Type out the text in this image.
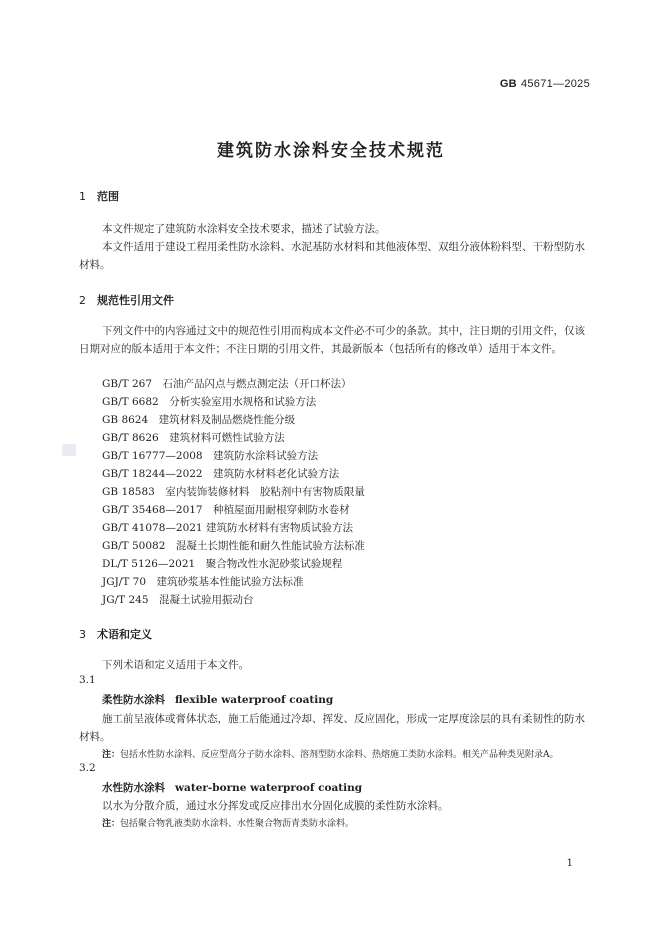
GB 45671—2025
建筑防水涂料安全技术规范
1 范围
本文件规定了建筑防水涂料安全技术要求，描述了试验方法。
本文件适用于建设工程用柔性防水涂料、水泥基防水材料和其他液体型、双组分液体粉料型、干粉型防水材料。
2 规范性引用文件
下列文件中的内容通过文中的规范性引用而构成本文件必不可少的条款。其中，注日期的引用文件，仅该日期对应的版本适用于本文件；不注日期的引用文件，其最新版本（包括所有的修改单）适用于本文件。
GB/T 267　石油产品闪点与燃点测定法（开口杯法）
GB/T 6682　分析实验室用水规格和试验方法
GB 8624　建筑材料及制品燃烧性能分级
GB/T 8626　建筑材料可燃性试验方法
GB/T 16777—2008　建筑防水涂料试验方法
GB/T 18244—2022　建筑防水材料老化试验方法
GB 18583　室内装饰装修材料　胶粘剂中有害物质限量
GB/T 35468—2017　种植屋面用耐根穿刺防水卷材
GB/T 41078—2021 建筑防水材料有害物质试验方法
GB/T 50082　混凝土长期性能和耐久性能试验方法标准
DL/T 5126—2021　聚合物改性水泥砂浆试验规程
JGJ/T 70　建筑砂浆基本性能试验方法标准
JG/T 245　混凝土试验用振动台
3 术语和定义
下列术语和定义适用于本文件。
3.1
柔性防水涂料 flexible waterproof coating
施工前呈液体或膏体状态，施工后能通过冷却、挥发、反应固化，形成一定厚度涂层的具有柔韧性的防水材料。
注：包括水性防水涂料、反应型高分子防水涂料、溶剂型防水涂料、热熔施工类防水涂料。相关产品种类见附录A。
3.2
水性防水涂料 water-borne waterproof coating
以水为分散介质，通过水分挥发或反应排出水分固化成膜的柔性防水涂料。
注：包括聚合物乳液类防水涂料、水性聚合物沥青类防水涂料。
1
